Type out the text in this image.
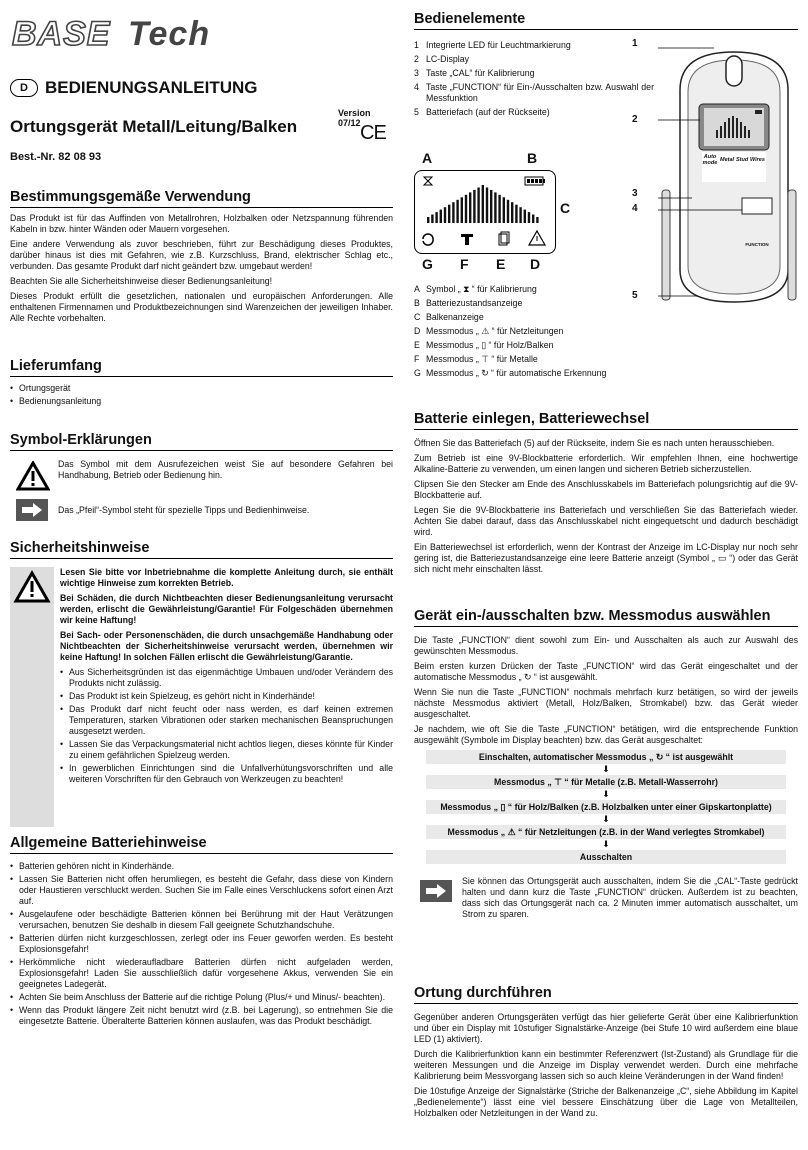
BASE Tech
D	BEDIENUNGSANLEITUNG
Version 07/12
Ortungsgerät Metall/Leitung/Balken	CE
Best.-Nr. 82 08 93
Bestimmungsgemäße Verwendung

Das Produkt ist für das Auffinden von Metallrohren, Holzbalken oder Netzspannung führenden Kabeln in bzw. hinter Wänden oder Mauern vorgesehen.

Eine andere Verwendung als zuvor beschrieben, führt zur Beschädigung dieses Produktes, darüber hinaus ist dies mit Gefahren, wie z.B. Kurzschluss, Brand, elektrischer Schlag etc., verbunden. Das gesamte Produkt darf nicht geändert bzw. umgebaut werden!

Beachten Sie alle Sicherheitshinweise dieser Bedienungsanleitung!

Dieses Produkt erfüllt die gesetzlichen, nationalen und europäischen Anforderungen. Alle enthaltenen Firmennamen und Produktbezeichnungen sind Warenzeichen der jeweiligen Inhaber. Alle Rechte vorbehalten.

Lieferumfang
• Ortungsgerät
• Bedienungsanleitung
Symbol-Erklärungen

Das Symbol mit dem Ausrufezeichen weist Sie auf besondere Gefahren bei Handhabung, Betrieb oder Bedienung hin.

Das „Pfeil“-Symbol steht für spezielle Tipps und Bedienhinweise.

Sicherheitshinweise

Lesen Sie bitte vor Inbetriebnahme die komplette Anleitung durch, sie enthält wichtige Hinweise zum korrekten Betrieb.

Bei Schäden, die durch Nichtbeachten dieser Bedienungsanleitung verursacht werden, erlischt die Gewährleistung/Garantie! Für Folgeschäden übernehmen wir keine Haftung!

Bei Sach- oder Personenschäden, die durch unsachgemäße Handhabung oder Nichtbeachten der Sicherheitshinweise verursacht werden, übernehmen wir keine Haftung! In solchen Fällen erlischt die Gewährleistung/Garantie.

• Aus Sicherheitsgründen ist das eigenmächtige Umbauen und/oder Verändern des Produkts nicht zulässig.
• Das Produkt ist kein Spielzeug, es gehört nicht in Kinderhände!
• Das Produkt darf nicht feucht oder nass werden, es darf keinen extremen Temperaturen, starken Vibrationen oder starken mechanischen Beanspruchungen ausgesetzt werden.
• Lassen Sie das Verpackungsmaterial nicht achtlos liegen, dieses könnte für Kinder zu einem gefährlichen Spielzeug werden.
• In gewerblichen Einrichtungen sind die Unfallverhütungsvorschriften und alle weiteren Vorschriften für den Gebrauch von Werkzeugen zu beachten!
Allgemeine Batteriehinweise
• Batterien gehören nicht in Kinderhände.
• Lassen Sie Batterien nicht offen herumliegen, es besteht die Gefahr, dass diese von Kindern oder Haustieren verschluckt werden. Suchen Sie im Falle eines Verschluckens sofort einen Arzt auf.
• Ausgelaufene oder beschädigte Batterien können bei Berührung mit der Haut Verätzungen verursachen, benutzen Sie deshalb in diesem Fall geeignete Schutzhandschuhe.
• Batterien dürfen nicht kurzgeschlossen, zerlegt oder ins Feuer geworfen werden. Es besteht Explosionsgefahr!
• Herkömmliche nicht wiederaufladbare Batterien dürfen nicht aufgeladen werden, Explosionsgefahr! Laden Sie ausschließlich dafür vorgesehene Akkus, verwenden Sie ein geeignetes Ladegerät.
• Achten Sie beim Anschluss der Batterie auf die richtige Polung (Plus/+ und Minus/- beachten).
• Wenn das Produkt längere Zeit nicht benutzt wird (z.B. bei Lagerung), so entnehmen Sie die eingesetzte Batterie. Überalterte Batterien können auslaufen, was das Produkt beschädigt.
Bedienelemente
1 Integrierte LED für Leuchtmarkierung
2 LC-Display
3 Taste „CAL“ für Kalibrierung
4 Taste „FUNCTION“ für Ein-/Ausschalten bzw. Auswahl der Messfunktion
5 Batteriefach (auf der Rückseite)
1
2
3
4
5
Auto mode Metal Stud Wires
FUNCTION
A	B
C
G F E D
A Symbol „ ⧗ “ für Kalibrierung
B Batteriezustandsanzeige
C Balkenanzeige
D Messmodus „ ⚠ “ für Netzleitungen
E Messmodus „ ▯ “ für Holz/Balken
F Messmodus „ ⊤ “ für Metalle
G Messmodus „ ↻ “ für automatische Erkennung
Batterie einlegen, Batteriewechsel

Öffnen Sie das Batteriefach (5) auf der Rückseite, indem Sie es nach unten herausschieben.

Zum Betrieb ist eine 9V-Blockbatterie erforderlich. Wir empfehlen Ihnen, eine hochwertige Alkaline-Batterie zu verwenden, um einen langen und sicheren Betrieb sicherzustellen.

Clipsen Sie den Stecker am Ende des Anschlusskabels im Batteriefach polungsrichtig auf die 9V-Blockbatterie auf.

Legen Sie die 9V-Blockbatterie ins Batteriefach und verschließen Sie das Batteriefach wieder. Achten Sie dabei darauf, dass das Anschlusskabel nicht eingequetscht und dadurch beschädigt wird.

Ein Batteriewechsel ist erforderlich, wenn der Kontrast der Anzeige im LC-Display nur noch sehr gering ist, die Batteriezustandsanzeige eine leere Batterie anzeigt (Symbol „ ▭ “) oder das Gerät sich nicht mehr einschalten lässt.

Gerät ein-/ausschalten bzw. Messmodus auswählen

Die Taste „FUNCTION“ dient sowohl zum Ein- und Ausschalten als auch zur Auswahl des gewünschten Messmodus.

Beim ersten kurzen Drücken der Taste „FUNCTION“ wird das Gerät eingeschaltet und der automatische Messmodus „ ↻ “ ist ausgewählt.

Wenn Sie nun die Taste „FUNCTION“ nochmals mehrfach kurz betätigen, so wird der jeweils nächste Messmodus aktiviert (Metall, Holz/Balken, Stromkabel) bzw. das Gerät wieder ausgeschaltet.

Je nachdem, wie oft Sie die Taste „FUNCTION“ betätigen, wird die entsprechende Funktion ausgewählt (Symbole im Display beachten) bzw. das Gerät ausgeschaltet:

Einschalten, automatischer Messmodus „ ↻ “ ist ausgewählt
⬇
Messmodus „ ⊤ “ für Metalle (z.B. Metall-Wasserrohr)
⬇
Messmodus „ ▯ “ für Holz/Balken (z.B. Holzbalken unter einer Gipskartonplatte)
⬇
Messmodus „ ⚠ “ für Netzleitungen (z.B. in der Wand verlegtes Stromkabel)
⬇
Ausschalten

Sie können das Ortungsgerät auch ausschalten, indem Sie die „CAL“-Taste gedrückt halten und dann kurz die Taste „FUNCTION“ drücken. Außerdem ist zu beachten, dass sich das Ortungsgerät nach ca. 2 Minuten immer automatisch ausschaltet, um Strom zu sparen.

Ortung durchführen

Gegenüber anderen Ortungsgeräten verfügt das hier gelieferte Gerät über eine Kalibrierfunktion und über ein Display mit 10stufiger Signalstärke-Anzeige (bei Stufe 10 wird außerdem eine blaue LED (1) aktiviert).

Durch die Kalibrierfunktion kann ein bestimmter Referenzwert (Ist-Zustand) als Grundlage für die weiteren Messungen und die Anzeige im Display verwendet werden. Durch eine mehrfache Kalibrierung beim Messvorgang lassen sich so auch kleine Veränderungen in der Wand finden!

Die 10stufige Anzeige der Signalstärke (Striche der Balkenanzeige „C“, siehe Abbildung im Kapitel „Bedienelemente“) lässt eine viel bessere Einschätzung über die Lage von Metallteilen, Holzbalken oder Netzleitungen in der Wand zu.
